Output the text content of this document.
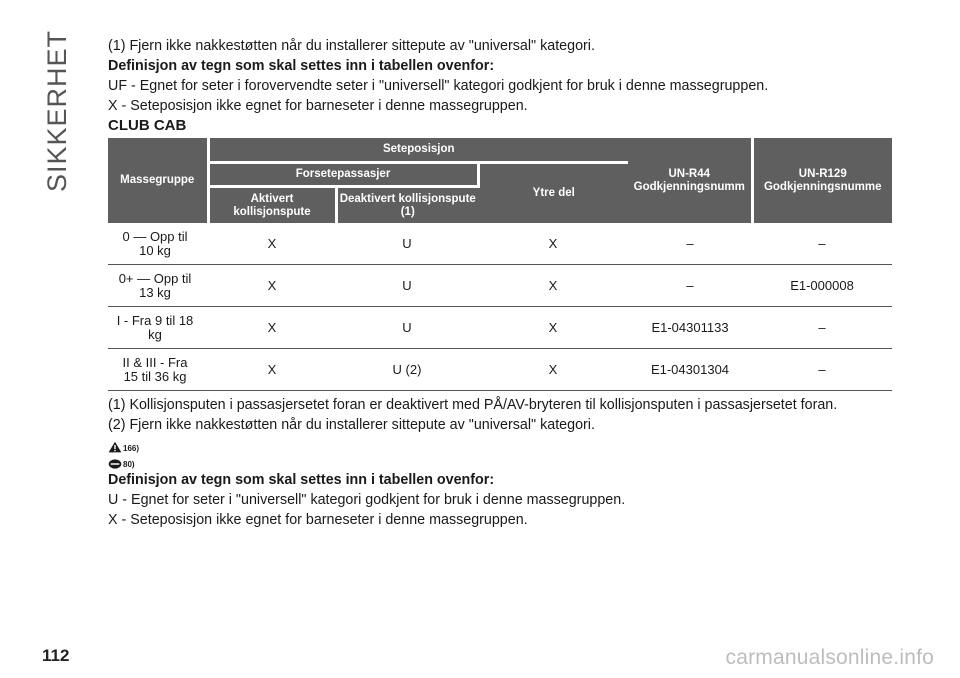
SIKKERHET	(1) Fjern ikke nakkestøtten når du installerer sittepute av "universal" kategori.
Definisjon av tegn som skal settes inn i tabellen ovenfor:
UF - Egnet for seter i forovervendte seter i "universell" kategori godkjent for bruk i denne massegruppen.
X - Seteposisjon ikke egnet for barneseter i denne massegruppen.
CLUB CAB
Massegruppe	Seteposisjon			UN-R44 Godkjenningsnumm	UN-R129 Godkjenningsnumme
	Forsetepassasjer		Ytre del		
	Aktivert kollisjonspute	Deaktivert kollisjonspute (1)			
0 — Opp til 10 kg	X	U	X	–	–
0+ — Opp til 13 kg	X	U	X	–	E1-000008
I - Fra 9 til 18 kg	X	U	X	E1-04301133	–
II & III - Fra 15 til 36 kg	X	U (2)	X	E1-04301304	–
(1) Kollisjonsputen i passasjersetet foran er deaktivert med PÅ/AV-bryteren til kollisjonsputen i passasjersetet foran.
(2) Fjern ikke nakkestøtten når du installerer sittepute av "universal" kategori.
166)
80)
Definisjon av tegn som skal settes inn i tabellen ovenfor:
U - Egnet for seter i "universell" kategori godkjent for bruk i denne massegruppen.
X - Seteposisjon ikke egnet for barneseter i denne massegruppen.
112	carmanualsonline.info
